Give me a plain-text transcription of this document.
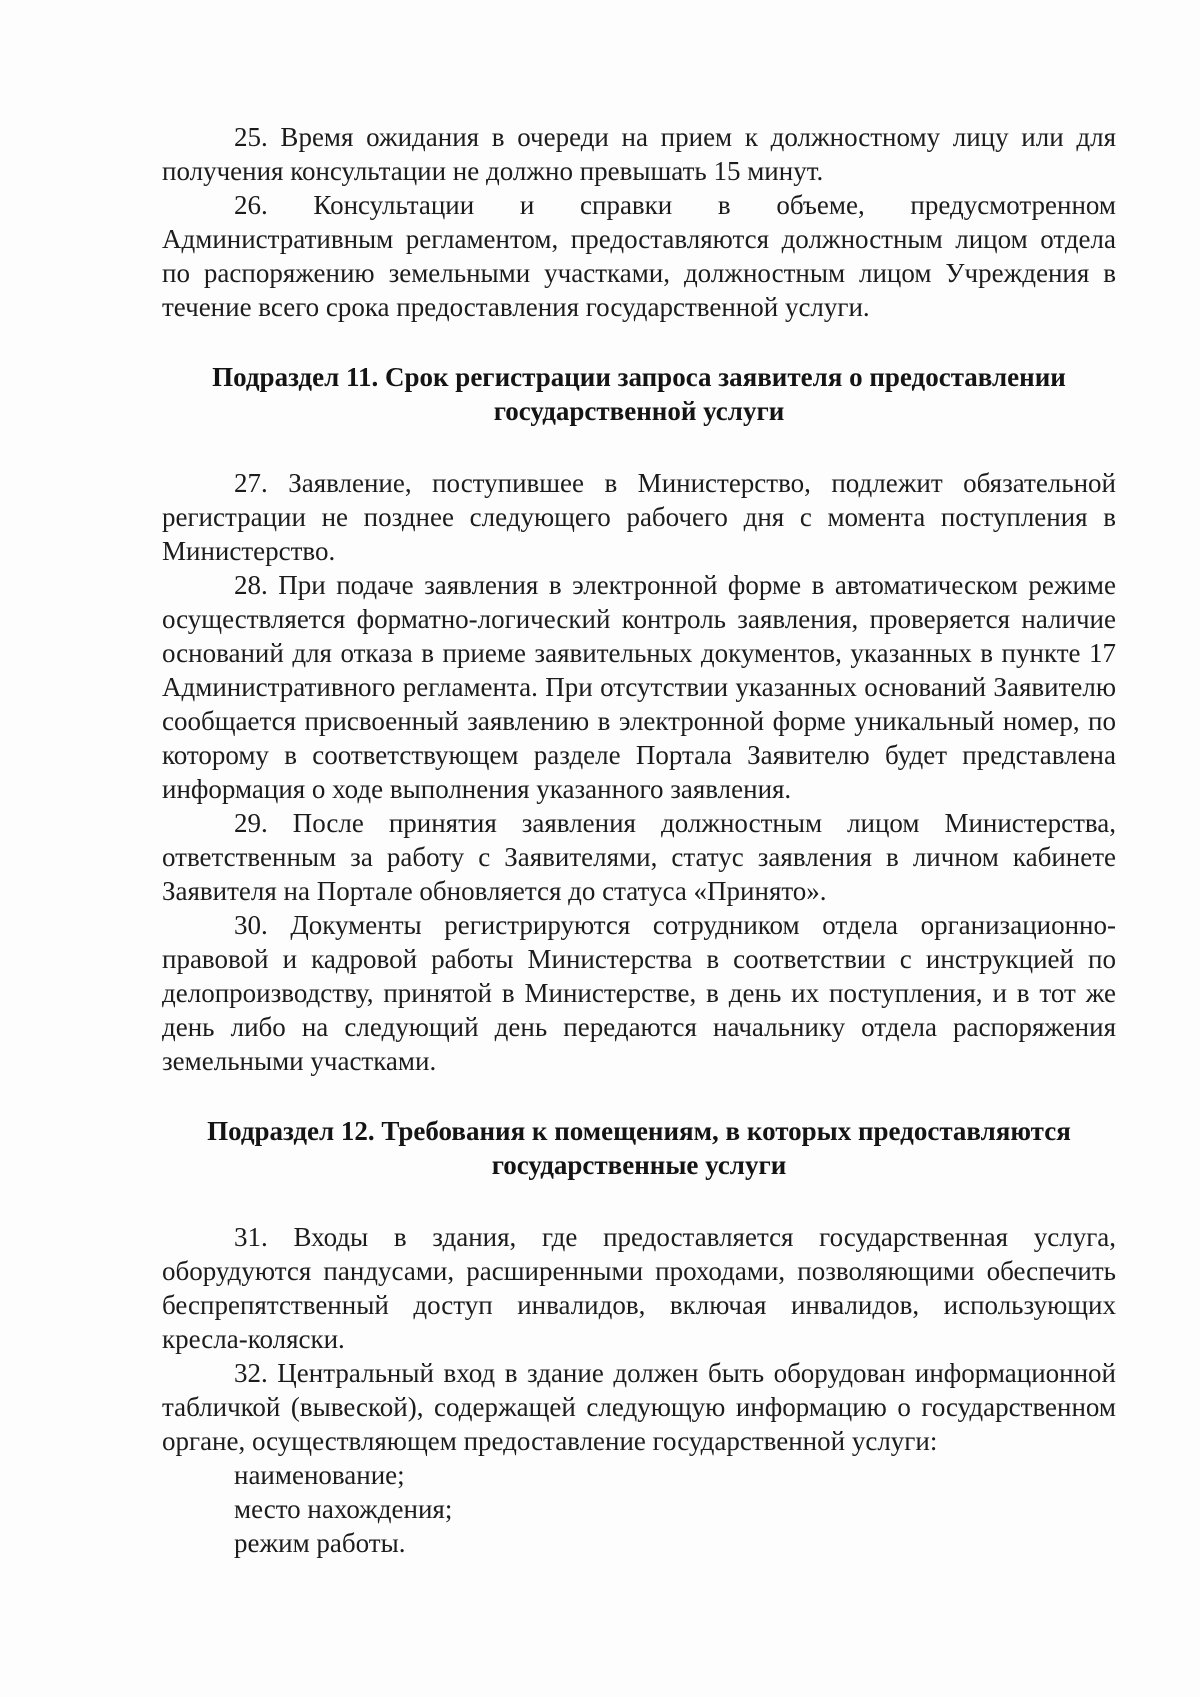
25. Время ожидания в очереди на прием к должностному лицу или для получения консультации не должно превышать 15 минут.

26. Консультации и справки в объеме, предусмотренном Административным регламентом, предоставляются должностным лицом отдела по распоряжению земельными участками, должностным лицом Учреждения в течение всего срока предоставления государственной услуги.

Подраздел 11. Срок регистрации запроса заявителя о предоставлении

государственной услуги

27. Заявление, поступившее в Министерство, подлежит обязательной регистрации не позднее следующего рабочего дня с момента поступления в Министерство.

28. При подаче заявления в электронной форме в автоматическом режиме осуществляется форматно-логический контроль заявления, проверяется наличие оснований для отказа в приеме заявительных документов, указанных в пункте 17 Административного регламента. При отсутствии указанных оснований Заявителю сообщается присвоенный заявлению в электронной форме уникальный номер, по которому в соответствующем разделе Портала Заявителю будет представлена информация о ходе выполнения указанного заявления.

29. После принятия заявления должностным лицом Министерства, ответственным за работу с Заявителями, статус заявления в личном кабинете Заявителя на Портале обновляется до статуса «Принято».

30. Документы регистрируются сотрудником отдела организационно-правовой и кадровой работы Министерства в соответствии с инструкцией по делопроизводству, принятой в Министерстве, в день их поступления, и в тот же день либо на следующий день передаются начальнику отдела распоряжения земельными участками.

Подраздел 12. Требования к помещениям, в которых предоставляются

государственные услуги

31. Входы в здания, где предоставляется государственная услуга, оборудуются пандусами, расширенными проходами, позволяющими обеспечить беспрепятственный доступ инвалидов, включая инвалидов, использующих кресла-коляски.

32. Центральный вход в здание должен быть оборудован информационной табличкой (вывеской), содержащей следующую информацию о государственном органе, осуществляющем предоставление государственной услуги:

наименование;

место нахождения;

режим работы.
